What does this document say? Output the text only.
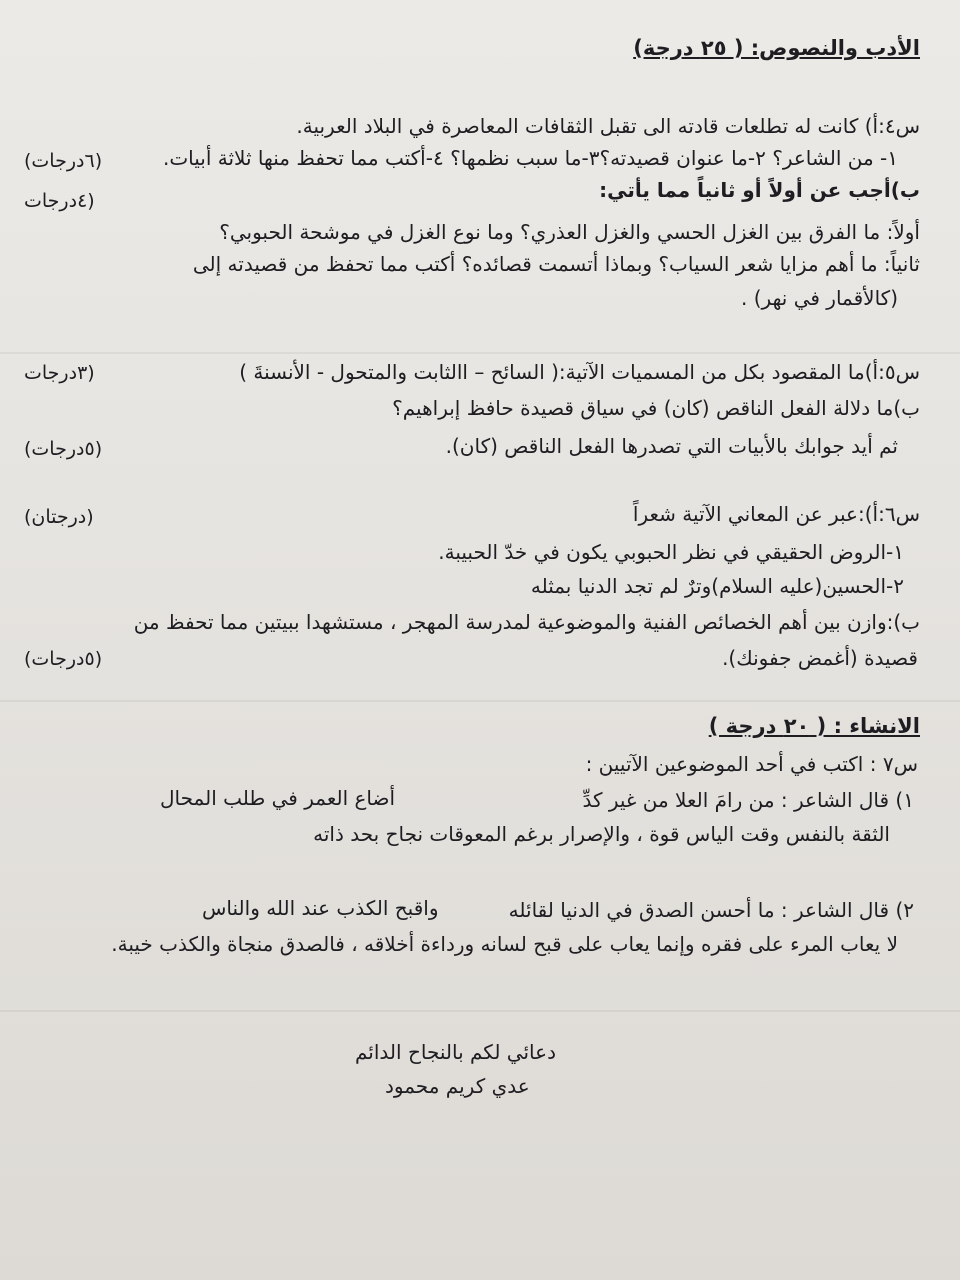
الأدب والنصوص: ( ٢٥ درجة)
س٤:أ) كانت له تطلعات قادته الى تقبل الثقافات المعاصرة في البلاد العربية.
١- من الشاعر؟ ٢-ما عنوان قصيدته؟٣-ما سبب نظمها؟ ٤-أكتب مما تحفظ منها ثلاثة أبيات.
(٦درجات)
ب)أجب عن أولاً أو ثانياً مما يأتي:
(٤درجات
أولاً: ما الفرق بين الغزل الحسي والغزل العذري؟ وما نوع الغزل في موشحة الحبوبي؟
ثانياً: ما أهم مزايا شعر السياب؟ وبماذا أتسمت قصائده؟ أكتب مما تحفظ من قصيدته إلى
(كالأقمار في نهر) .
س٥:أ)ما المقصود بكل من المسميات الآتية:( السائح – االثابت والمتحول - الأنسنةَ )
(٣درجات
ب)ما دلالة الفعل الناقص (كان) في سياق قصيدة حافظ إبراهيم؟
ثم أيد جوابك بالأبيات التي تصدرها الفعل الناقص (كان).
(٥درجات)
س٦:أ):عبر عن المعاني الآتية شعراً
(درجتان)
١-الروض الحقيقي في نظر الحبوبي يكون في خدّ الحبيبة.
٢-الحسين(عليه السلام)وترٌ لم تجد الدنيا بمثله
ب):وازن بين أهم الخصائص الفنية والموضوعية لمدرسة المهجر ، مستشهدا ببيتين مما تحفظ من
قصيدة (أغمض جفونك).
(٥درجات)
الانشاء : ( ٢٠ درجة )
س٧ : اكتب في أحد الموضوعين الآتيين :
١) قال الشاعر : من رامَ العلا من غير كدِّ
أضاع العمر في طلب المحال
الثقة بالنفس وقت الياس قوة ، والإصرار برغم المعوقات نجاح بحد ذاته
٢) قال الشاعر : ما أحسن الصدق في الدنيا لقائله
واقبح الكذب عند الله والناس
لا يعاب المرء على فقره وإنما يعاب على قبح لسانه ورداءة أخلاقه ، فالصدق منجاة والكذب خيبة.
دعائي لكم بالنجاح الدائم
عدي كريم محمود
